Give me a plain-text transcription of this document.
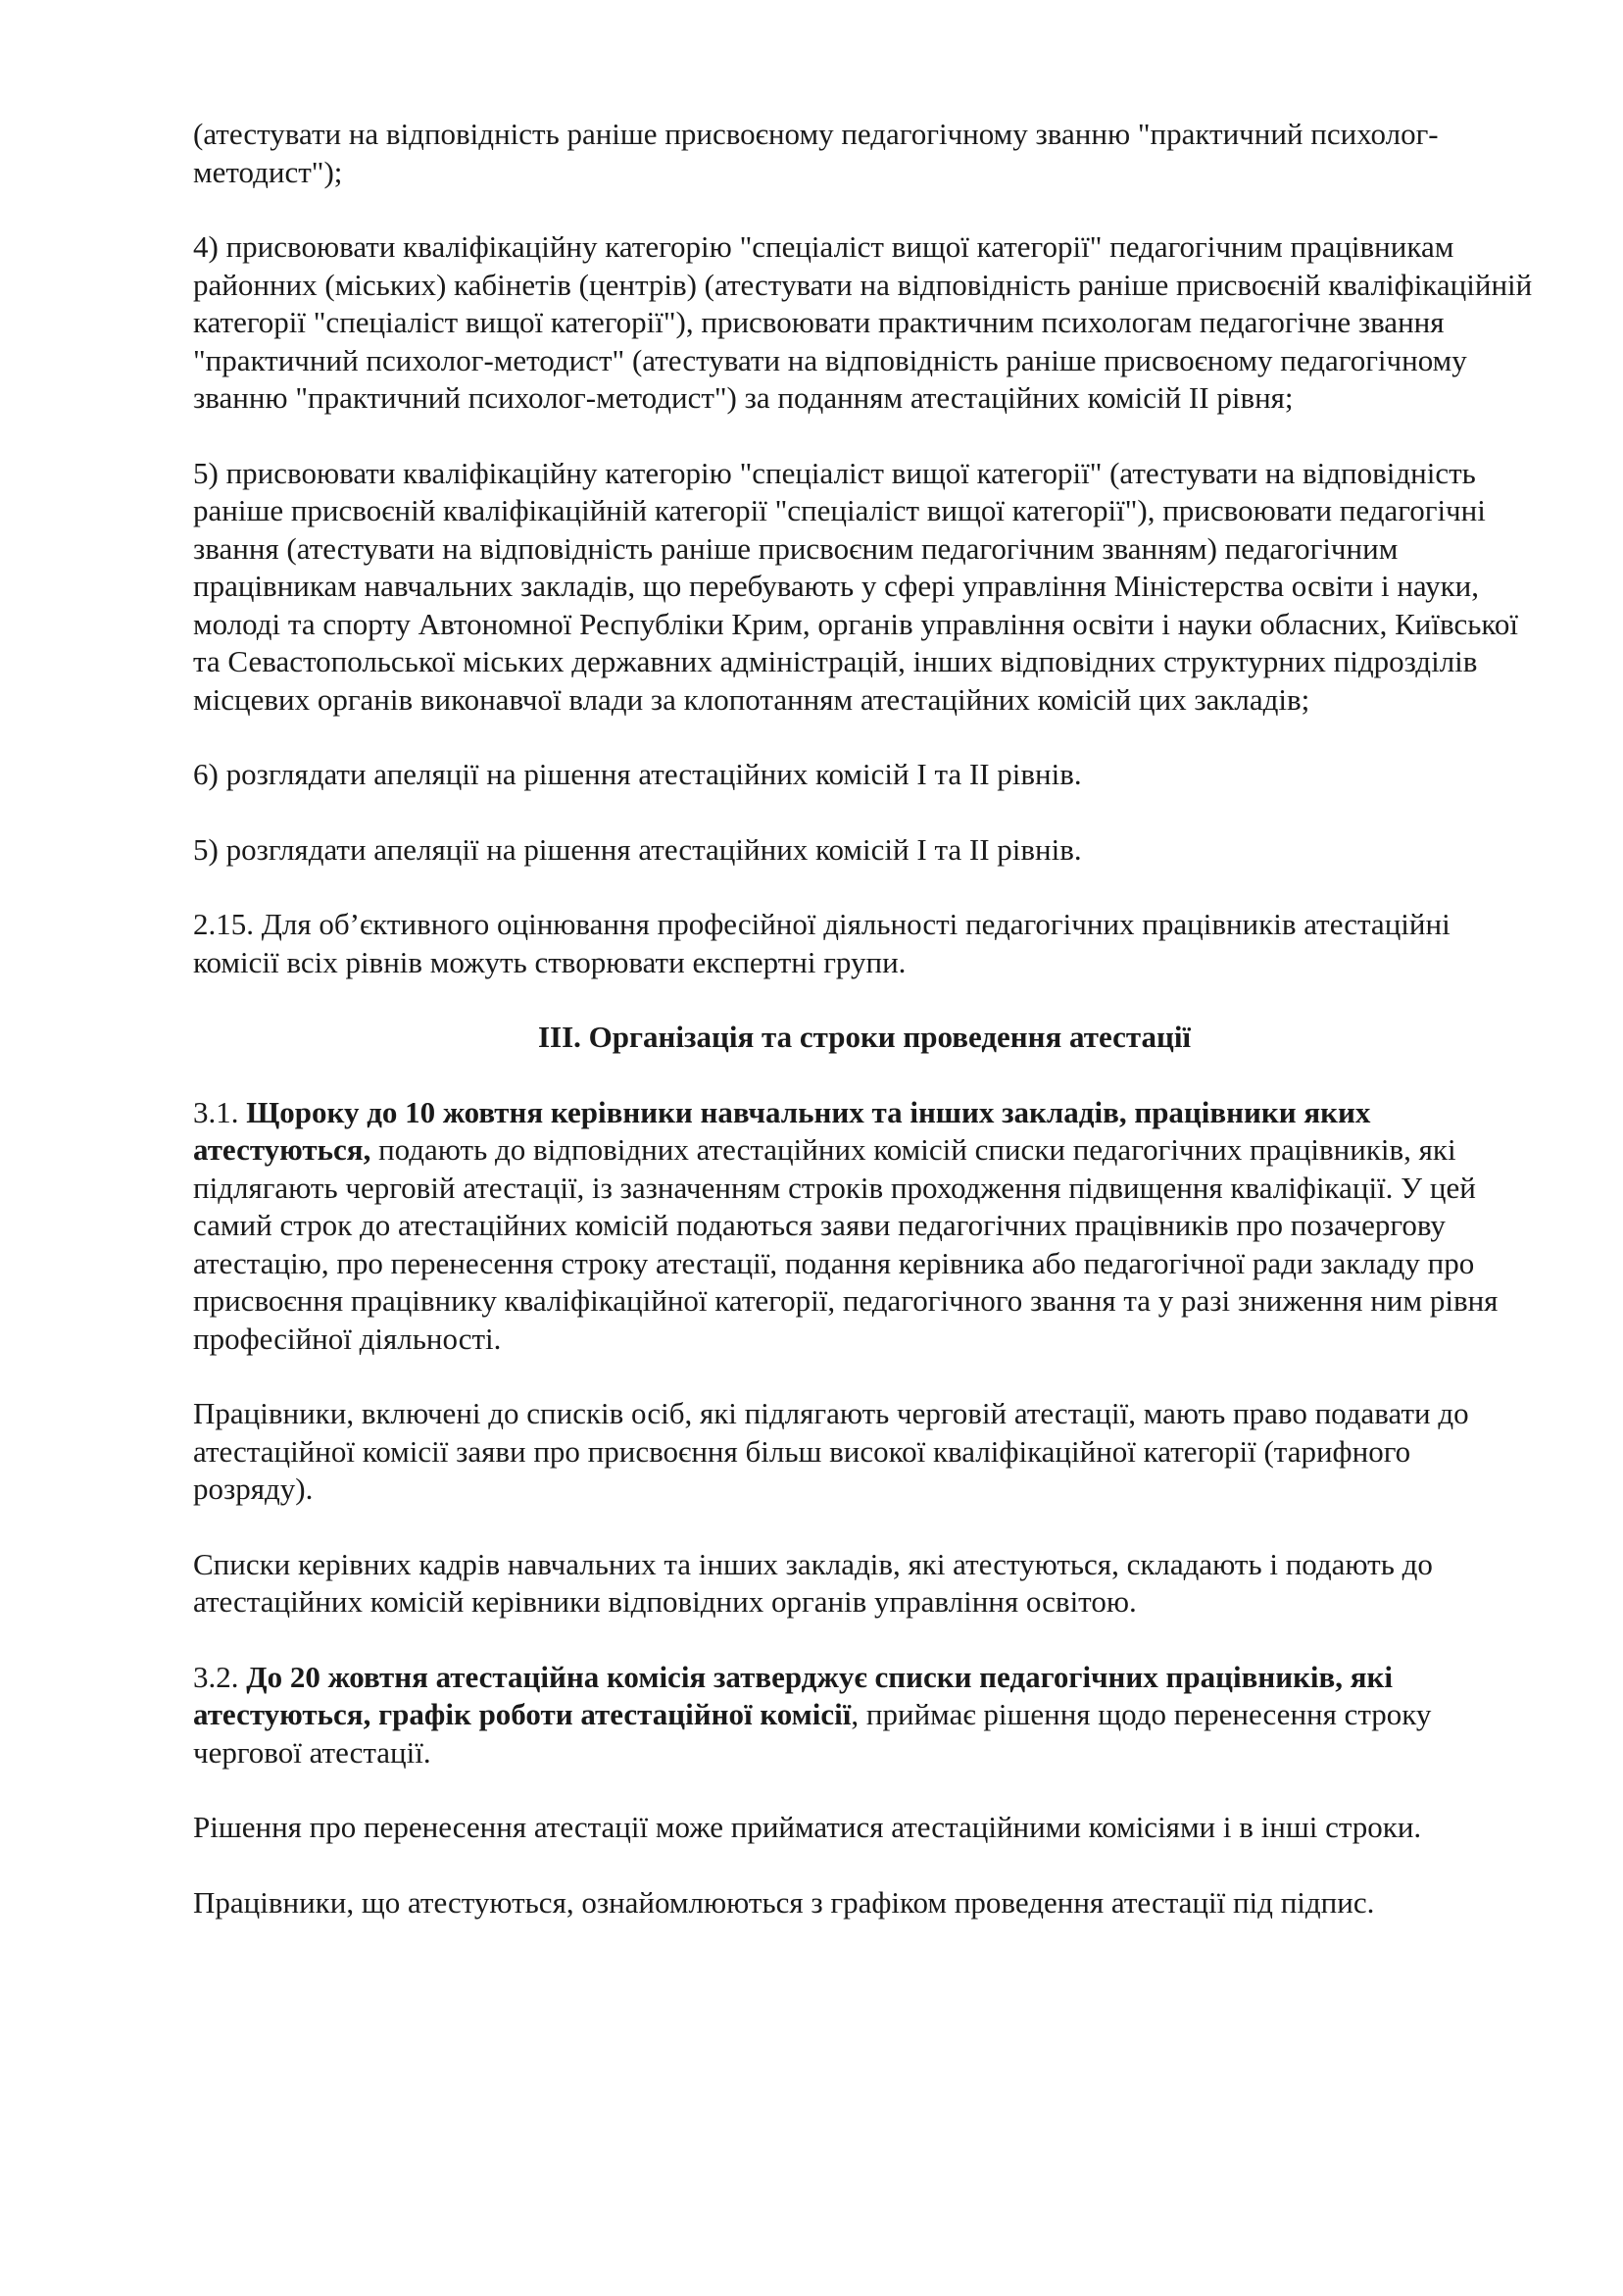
(атестувати на відповідність раніше присвоєному педагогічному званню "практичний психолог-методист");

4) присвоювати кваліфікаційну категорію "спеціаліст вищої категорії" педагогічним працівникам районних (міських) кабінетів (центрів) (атестувати на відповідність раніше присвоєній кваліфікаційній категорії "спеціаліст вищої категорії"), присвоювати практичним психологам педагогічне звання "практичний психолог-методист" (атестувати на відповідність раніше присвоєному педагогічному званню "практичний психолог-методист") за поданням атестаційних комісій ІІ рівня;

5) присвоювати кваліфікаційну категорію "спеціаліст вищої категорії" (атестувати на відповідність раніше присвоєній кваліфікаційній категорії "спеціаліст вищої категорії"), присвоювати педагогічні звання (атестувати на відповідність раніше присвоєним педагогічним званням) педагогічним працівникам навчальних закладів, що перебувають у сфері управління Міністерства освіти і науки, молоді та спорту Автономної Республіки Крим, органів управління освіти і науки обласних, Київської та Севастопольської міських державних адміністрацій, інших відповідних структурних підрозділів місцевих органів виконавчої влади за клопотанням атестаційних комісій цих закладів;

6) розглядати апеляції на рішення атестаційних комісій І та ІІ рівнів.

5) розглядати апеляції на рішення атестаційних комісій І та ІІ рівнів.

2.15. Для об’єктивного оцінювання професійної діяльності педагогічних працівників атестаційні комісії всіх рівнів можуть створювати експертні групи.

ІІІ. Організація та строки проведення атестації

3.1. Щороку до 10 жовтня керівники навчальних та інших закладів, працівники яких атестуються, подають до відповідних атестаційних комісій списки педагогічних працівників, які підлягають черговій атестації, із зазначенням строків проходження підвищення кваліфікації. У цей самий строк до атестаційних комісій подаються заяви педагогічних працівників про позачергову атестацію, про перенесення строку атестації, подання керівника або педагогічної ради закладу про присвоєння працівнику кваліфікаційної категорії, педагогічного звання та у разі зниження ним рівня професійної діяльності.

Працівники, включені до списків осіб, які підлягають черговій атестації, мають право подавати до атестаційної комісії заяви про присвоєння більш високої кваліфікаційної категорії (тарифного розряду).

Списки керівних кадрів навчальних та інших закладів, які атестуються, складають і подають до атестаційних комісій керівники відповідних органів управління освітою.

3.2. До 20 жовтня атестаційна комісія затверджує списки педагогічних працівників, які атестуються, графік роботи атестаційної комісії, приймає рішення щодо перенесення строку чергової атестації.

Рішення про перенесення атестації може прийматися атестаційними комісіями і в інші строки.

Працівники, що атестуються, ознайомлюються з графіком проведення атестації під підпис.
